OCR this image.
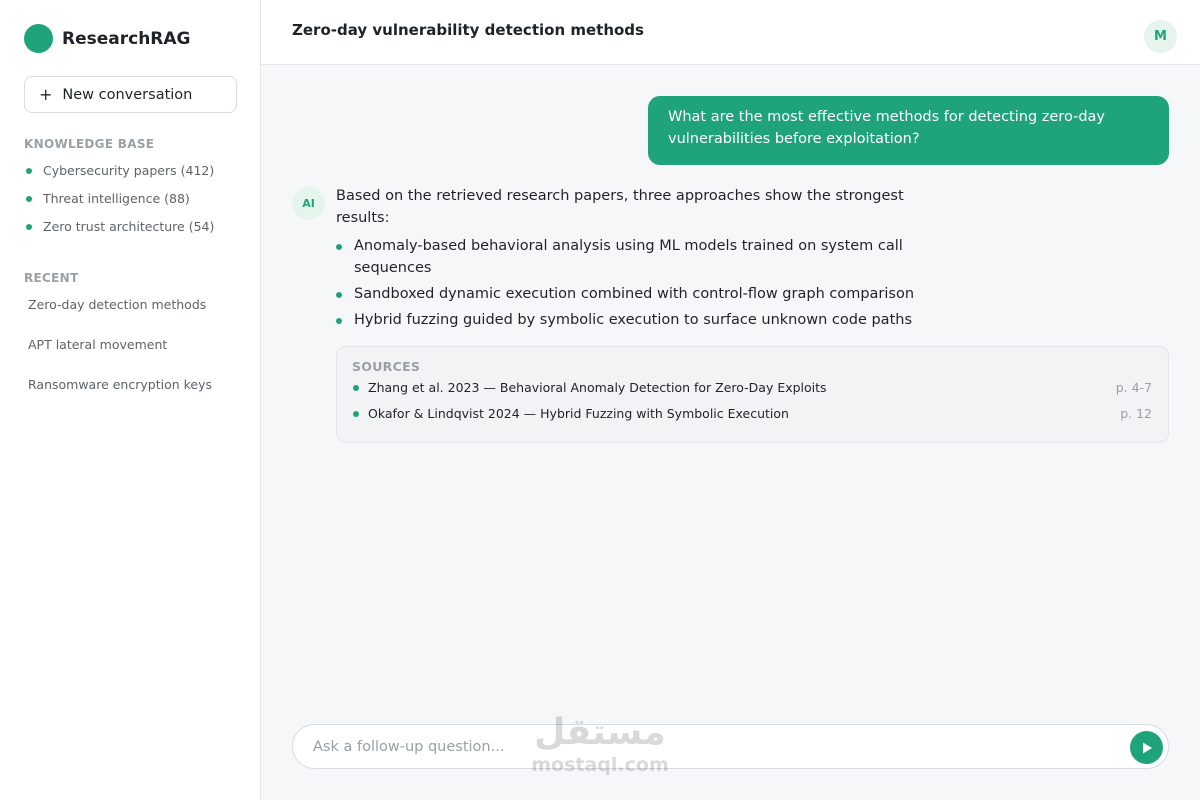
ResearchRAG
+ New conversation
KNOWLEDGE BASE
Cybersecurity papers (412)
Threat intelligence (88)
Zero trust architecture (54)
RECENT
Zero-day detection methods
APT lateral movement
Ransomware encryption keys
Zero-day vulnerability detection methods	M
What are the most effective methods for detecting zero-day vulnerabilities before exploitation?
AI	Based on the retrieved research papers, three approaches show the strongest results:
Anomaly-based behavioral analysis using ML models trained on system call sequences
Sandboxed dynamic execution combined with control-flow graph comparison
Hybrid fuzzing guided by symbolic execution to surface unknown code paths
SOURCES
Zhang et al. 2023 — Behavioral Anomaly Detection for Zero-Day Exploits	p. 4-7
Okafor & Lindqvist 2024 — Hybrid Fuzzing with Symbolic Execution	p. 12
Ask a follow-up question...
مستقل
mostaql.com
